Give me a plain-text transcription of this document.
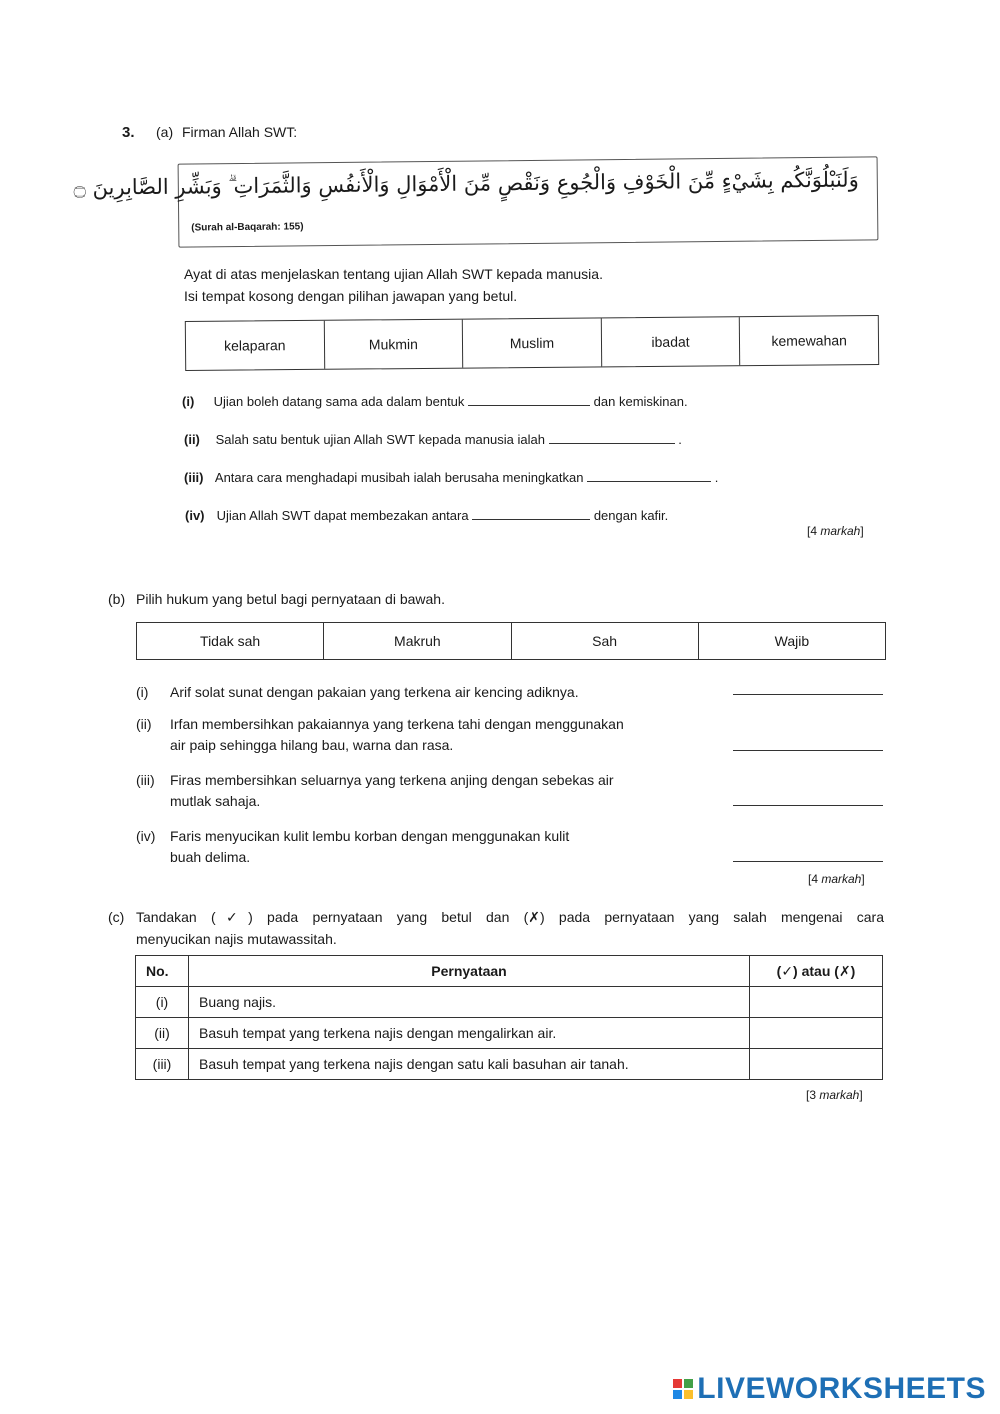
3. (a) Firman Allah SWT:
وَلَنَبْلُوَنَّكُم بِشَيْءٍ مِّنَ الْخَوْفِ وَالْجُوعِ وَنَقْصٍ مِّنَ الْأَمْوَالِ وَالْأَنفُسِ وَالثَّمَرَاتِ ۗ وَبَشِّرِ الصَّابِرِينَ ۝
(Surah al-Baqarah: 155)
Ayat di atas menjelaskan tentang ujian Allah SWT kepada manusia.
Isi tempat kosong dengan pilihan jawapan yang betul.
kelaparan	Mukmin	Muslim	ibadat	kemewahan
(i) Ujian boleh datang sama ada dalam bentuk	dan kemiskinan.
(ii) Salah satu bentuk ujian Allah SWT kepada manusia ialah	.
(iii) Antara cara menghadapi musibah ialah berusaha meningkatkan	.
(iv) Ujian Allah SWT dapat membezakan antara	dengan kafir.
[4 markah]
(b) Pilih hukum yang betul bagi pernyataan di bawah.
Tidak sah	Makruh	Sah	Wajib
(i) Arif solat sunat dengan pakaian yang terkena air kencing adiknya.
(ii) Irfan membersihkan pakaiannya yang terkena tahi dengan menggunakan
air paip sehingga hilang bau, warna dan rasa.
(iii) Firas membersihkan seluarnya yang terkena anjing dengan sebekas air
mutlak sahaja.
(iv) Faris menyucikan kulit lembu korban dengan menggunakan kulit
buah delima.
[4 markah]
(c) Tandakan (✓) pada pernyataan yang betul dan (✗) pada pernyataan yang salah mengenai cara
menyucikan najis mutawassitah.
No.	Pernyataan	(✓) atau (✗)
(i)	Buang najis.	
(ii)	Basuh tempat yang terkena najis dengan mengalirkan air.	
(iii)	Basuh tempat yang terkena najis dengan satu kali basuhan air tanah.	
[3 markah]
LIVEWORKSHEETS
